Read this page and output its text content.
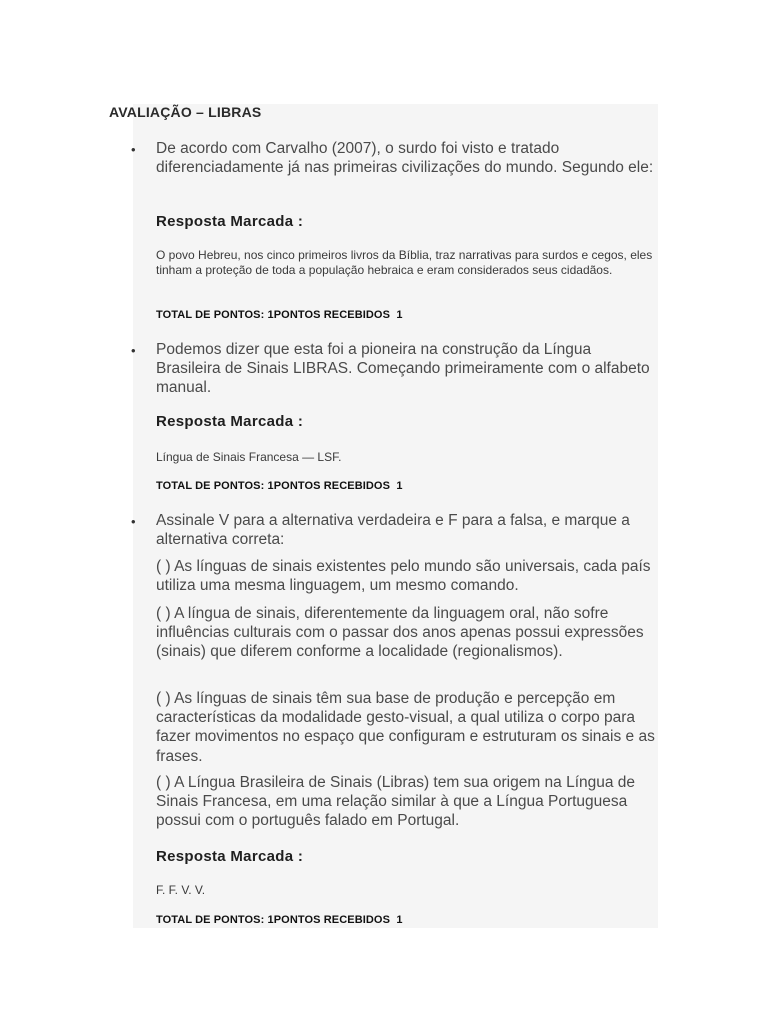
AVALIAÇÃO – LIBRAS
• De acordo com Carvalho (2007), o surdo foi visto e tratado diferenciadamente já nas primeiras civilizações do mundo. Segundo ele:

Resposta Marcada :

O povo Hebreu, nos cinco primeiros livros da Bíblia, traz narrativas para surdos e cegos, eles tinham a proteção de toda a população hebraica e eram considerados seus cidadãos.

TOTAL DE PONTOS: 1PONTOS RECEBIDOS  1
• Podemos dizer que esta foi a pioneira na construção da Língua Brasileira de Sinais LIBRAS. Começando primeiramente com o alfabeto manual.

Resposta Marcada :

Língua de Sinais Francesa — LSF.

TOTAL DE PONTOS: 1PONTOS RECEBIDOS  1
• Assinale V para a alternativa verdadeira e F para a falsa, e marque a alternativa correta:

( ) As línguas de sinais existentes pelo mundo são universais, cada país utiliza uma mesma linguagem, um mesmo comando.

( ) A língua de sinais, diferentemente da linguagem oral, não sofre influências culturais com o passar dos anos apenas possui expressões (sinais) que diferem conforme a localidade (regionalismos).

( ) As línguas de sinais têm sua base de produção e percepção em características da modalidade gesto-visual, a qual utiliza o corpo para fazer movimentos no espaço que configuram e estruturam os sinais e as frases.

( ) A Língua Brasileira de Sinais (Libras) tem sua origem na Língua de Sinais Francesa, em uma relação similar à que a Língua Portuguesa possui com o português falado em Portugal.

Resposta Marcada :

F. F. V. V.

TOTAL DE PONTOS: 1PONTOS RECEBIDOS  1
